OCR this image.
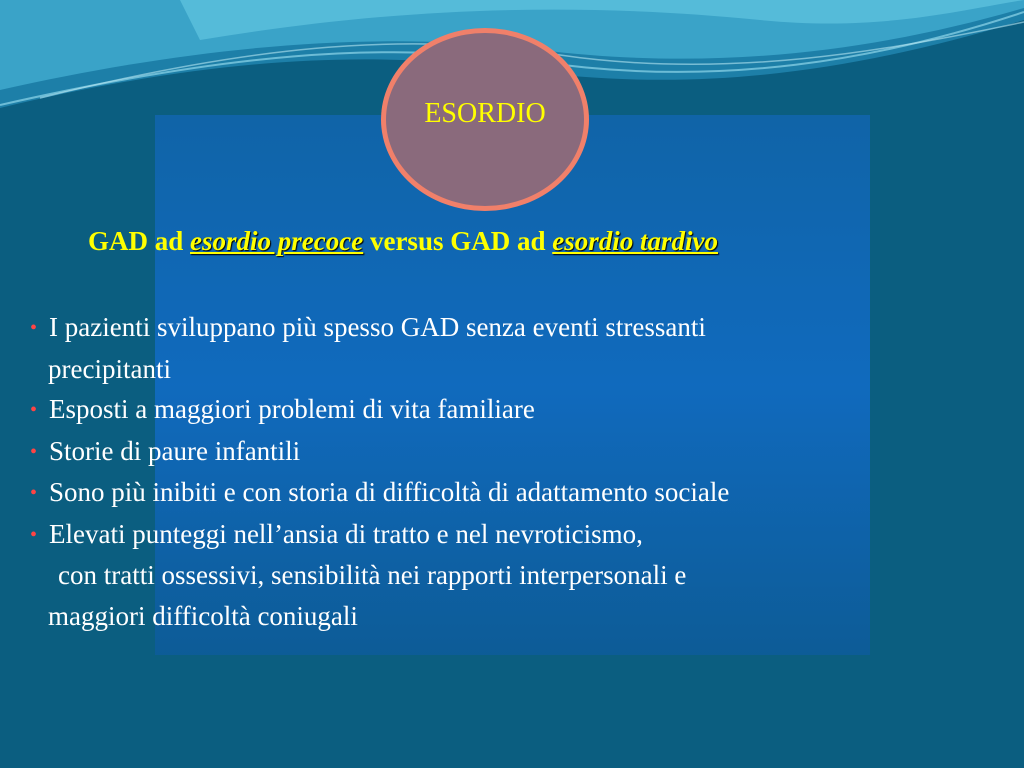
ESORDIO
GAD ad esordio precoce versus GAD ad esordio tardivo
• I pazienti sviluppano più spesso GAD senza eventi stressanti
precipitanti
• Esposti a maggiori problemi di vita familiare
• Storie di paure infantili
• Sono più inibiti e con storia di difficoltà di adattamento sociale
• Elevati punteggi nell’ansia di tratto e nel nevroticismo,
con tratti ossessivi, sensibilità nei rapporti interpersonali e
maggiori difficoltà coniugali
